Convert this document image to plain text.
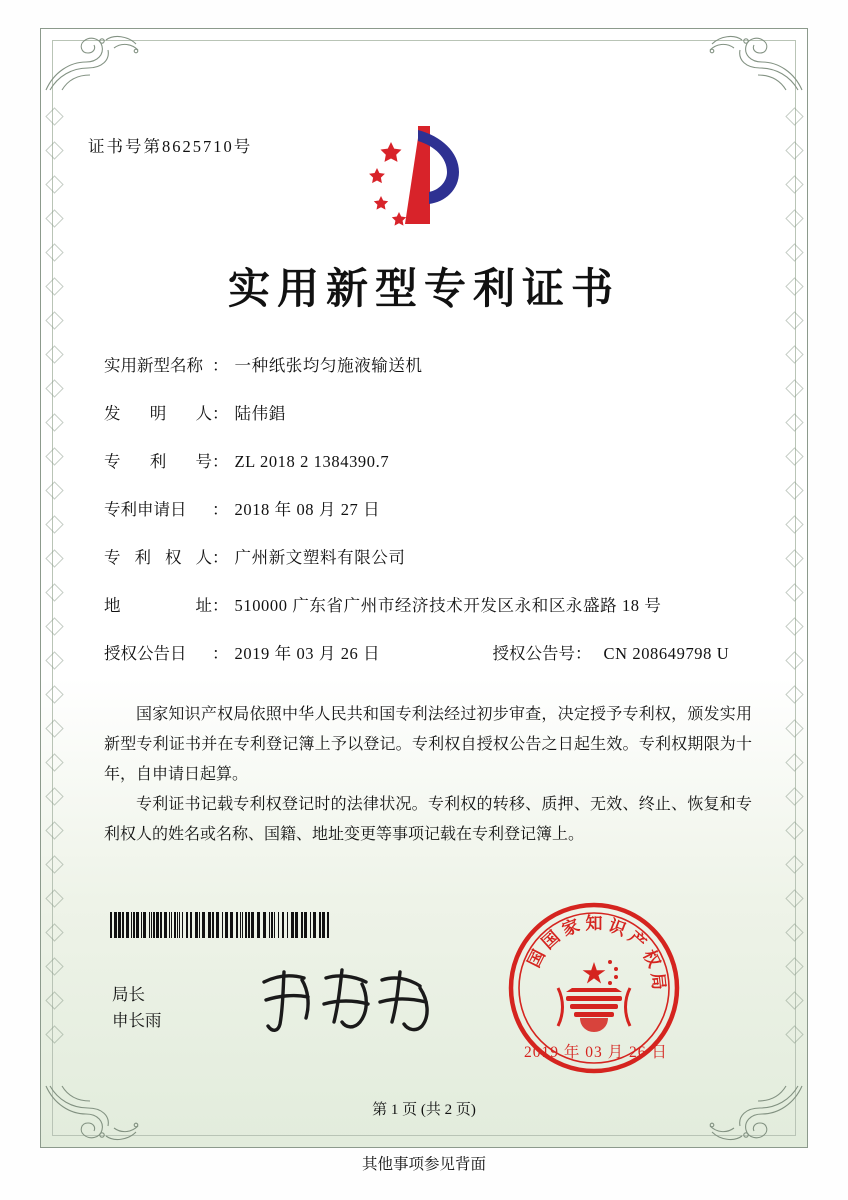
证书号第8625710号
实用新型专利证书
实用新型名称 ： 一种纸张均匀施液输送机
发 明 人 ： 陆伟錩
专 利 号 ： ZL 2018 2 1384390.7
专利申请日	： 2018 年 08 月 27 日
专 利 权 人 ： 广州新文塑料有限公司
地	址 ： 510000 广东省广州市经济技术开发区永和区永盛路 18 号
授权公告日	： 2019 年 03 月 26 日	授权公告号 ： CN 208649798 U
国家知识产权局依照中华人民共和国专利法经过初步审查，决定授予专利权，颁发实用新型专利证书并在专利登记簿上予以登记。专利权自授权公告之日起生效。专利权期限为十年，自申请日起算。
专利证书记载专利权登记时的法律状况。专利权的转移、质押、无效、终止、恢复和专利权人的姓名或名称、国籍、地址变更等事项记载在专利登记簿上。
局长
申长雨
国
家 知 识
产
权
局
国
2019 年 03 月 26 日
第 1 页 (共 2 页)
其他事项参见背面
